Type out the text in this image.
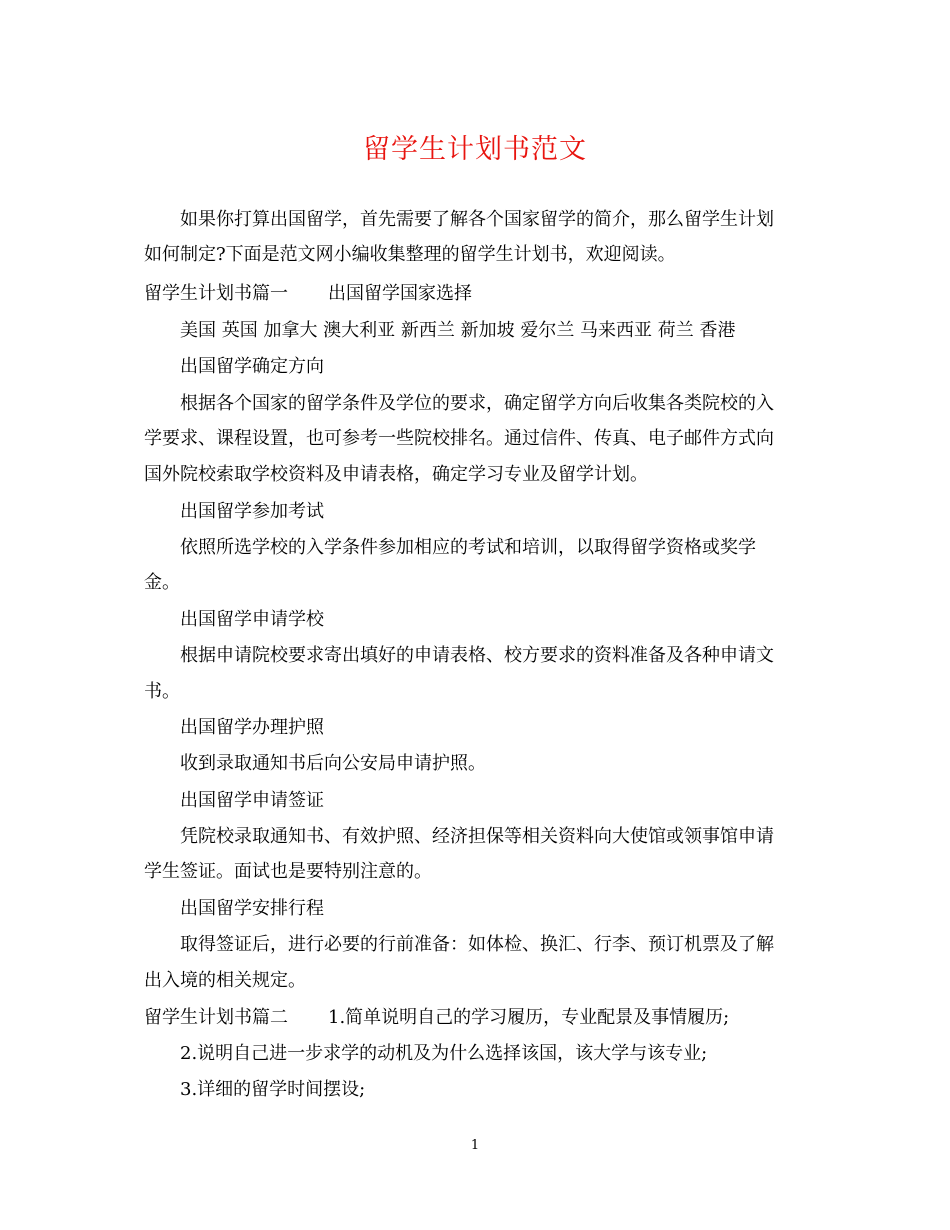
留学生计划书范文
如果你打算出国留学，首先需要了解各个国家留学的简介，那么留学生计划
如何制定?下面是范文网小编收集整理的留学生计划书，欢迎阅读。
留学生计划书篇一 出国留学国家选择
美国 英国 加拿大 澳大利亚 新西兰 新加坡 爱尔兰 马来西亚 荷兰 香港
出国留学确定方向
根据各个国家的留学条件及学位的要求，确定留学方向后收集各类院校的入
学要求、课程设置，也可参考一些院校排名。通过信件、传真、电子邮件方式向
国外院校索取学校资料及申请表格，确定学习专业及留学计划。
出国留学参加考试
依照所选学校的入学条件参加相应的考试和培训，以取得留学资格或奖学
金。
出国留学申请学校
根据申请院校要求寄出填好的申请表格、校方要求的资料准备及各种申请文
书。
出国留学办理护照
收到录取通知书后向公安局申请护照。
出国留学申请签证
凭院校录取通知书、有效护照、经济担保等相关资料向大使馆或领事馆申请
学生签证。面试也是要特别注意的。
出国留学安排行程
取得签证后，进行必要的行前准备：如体检、换汇、行李、预订机票及了解
出入境的相关规定。
留学生计划书篇二 1.简单说明自己的学习履历，专业配景及事情履历;
2.说明自己进一步求学的动机及为什么选择该国，该大学与该专业;
3.详细的留学时间摆设;
1
